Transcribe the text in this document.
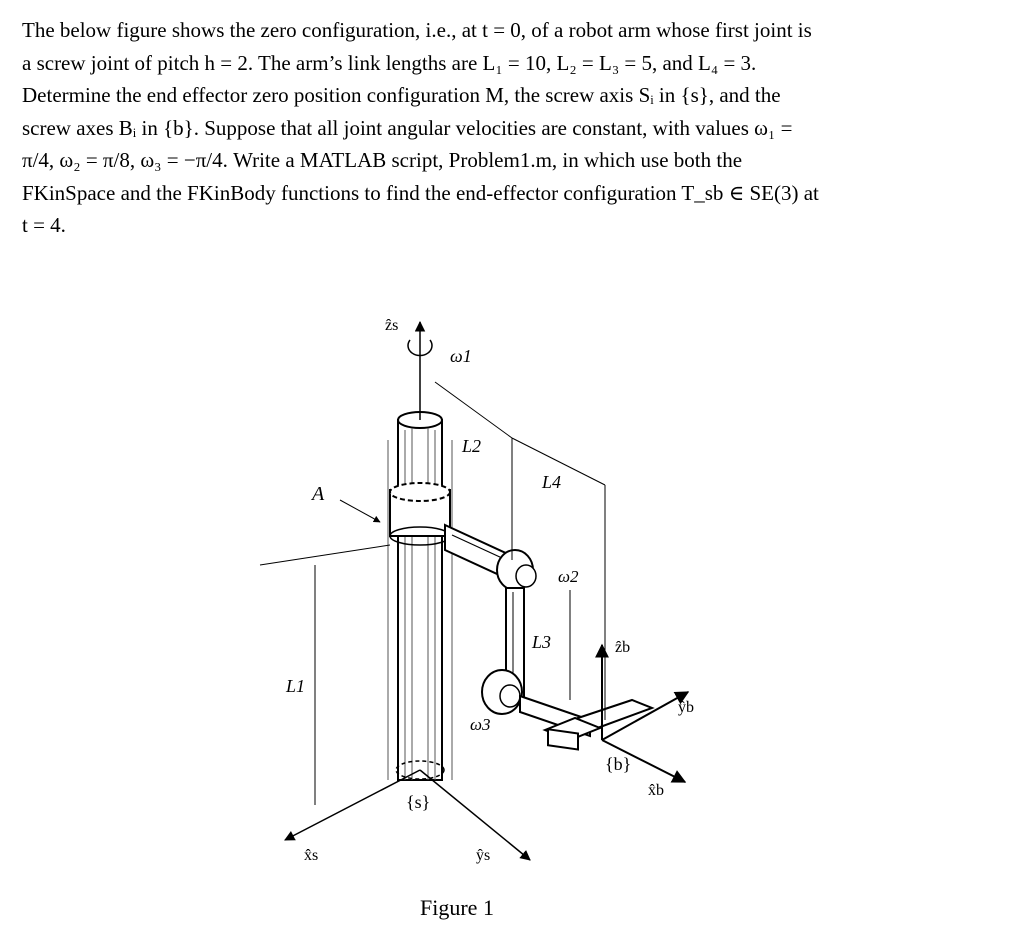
The below figure shows the zero configuration, i.e., at t = 0, of a robot arm whose first joint is
a screw joint of pitch h = 2. The arm’s link lengths are L₁ = 10, L₂ = L₃ = 5, and L₄ = 3.
Determine the end effector zero position configuration M, the screw axis Sᵢ in {s}, and the
screw axes Bᵢ in {b}. Suppose that all joint angular velocities are constant, with values ω₁ =
π/4, ω₂ = π/8, ω₃ = −π/4. Write a MATLAB script, Problem1.m, in which use both the
FKinSpace and the FKinBody functions to find the end-effector configuration T_sb ∈ SE(3) at
t = 4.
ẑs
ω1
L2
L4
A
ω2
L3	ẑb
L1
ŷb
ω3
{b}
x̂b
{s}
x̂s	ŷs
Figure 1
